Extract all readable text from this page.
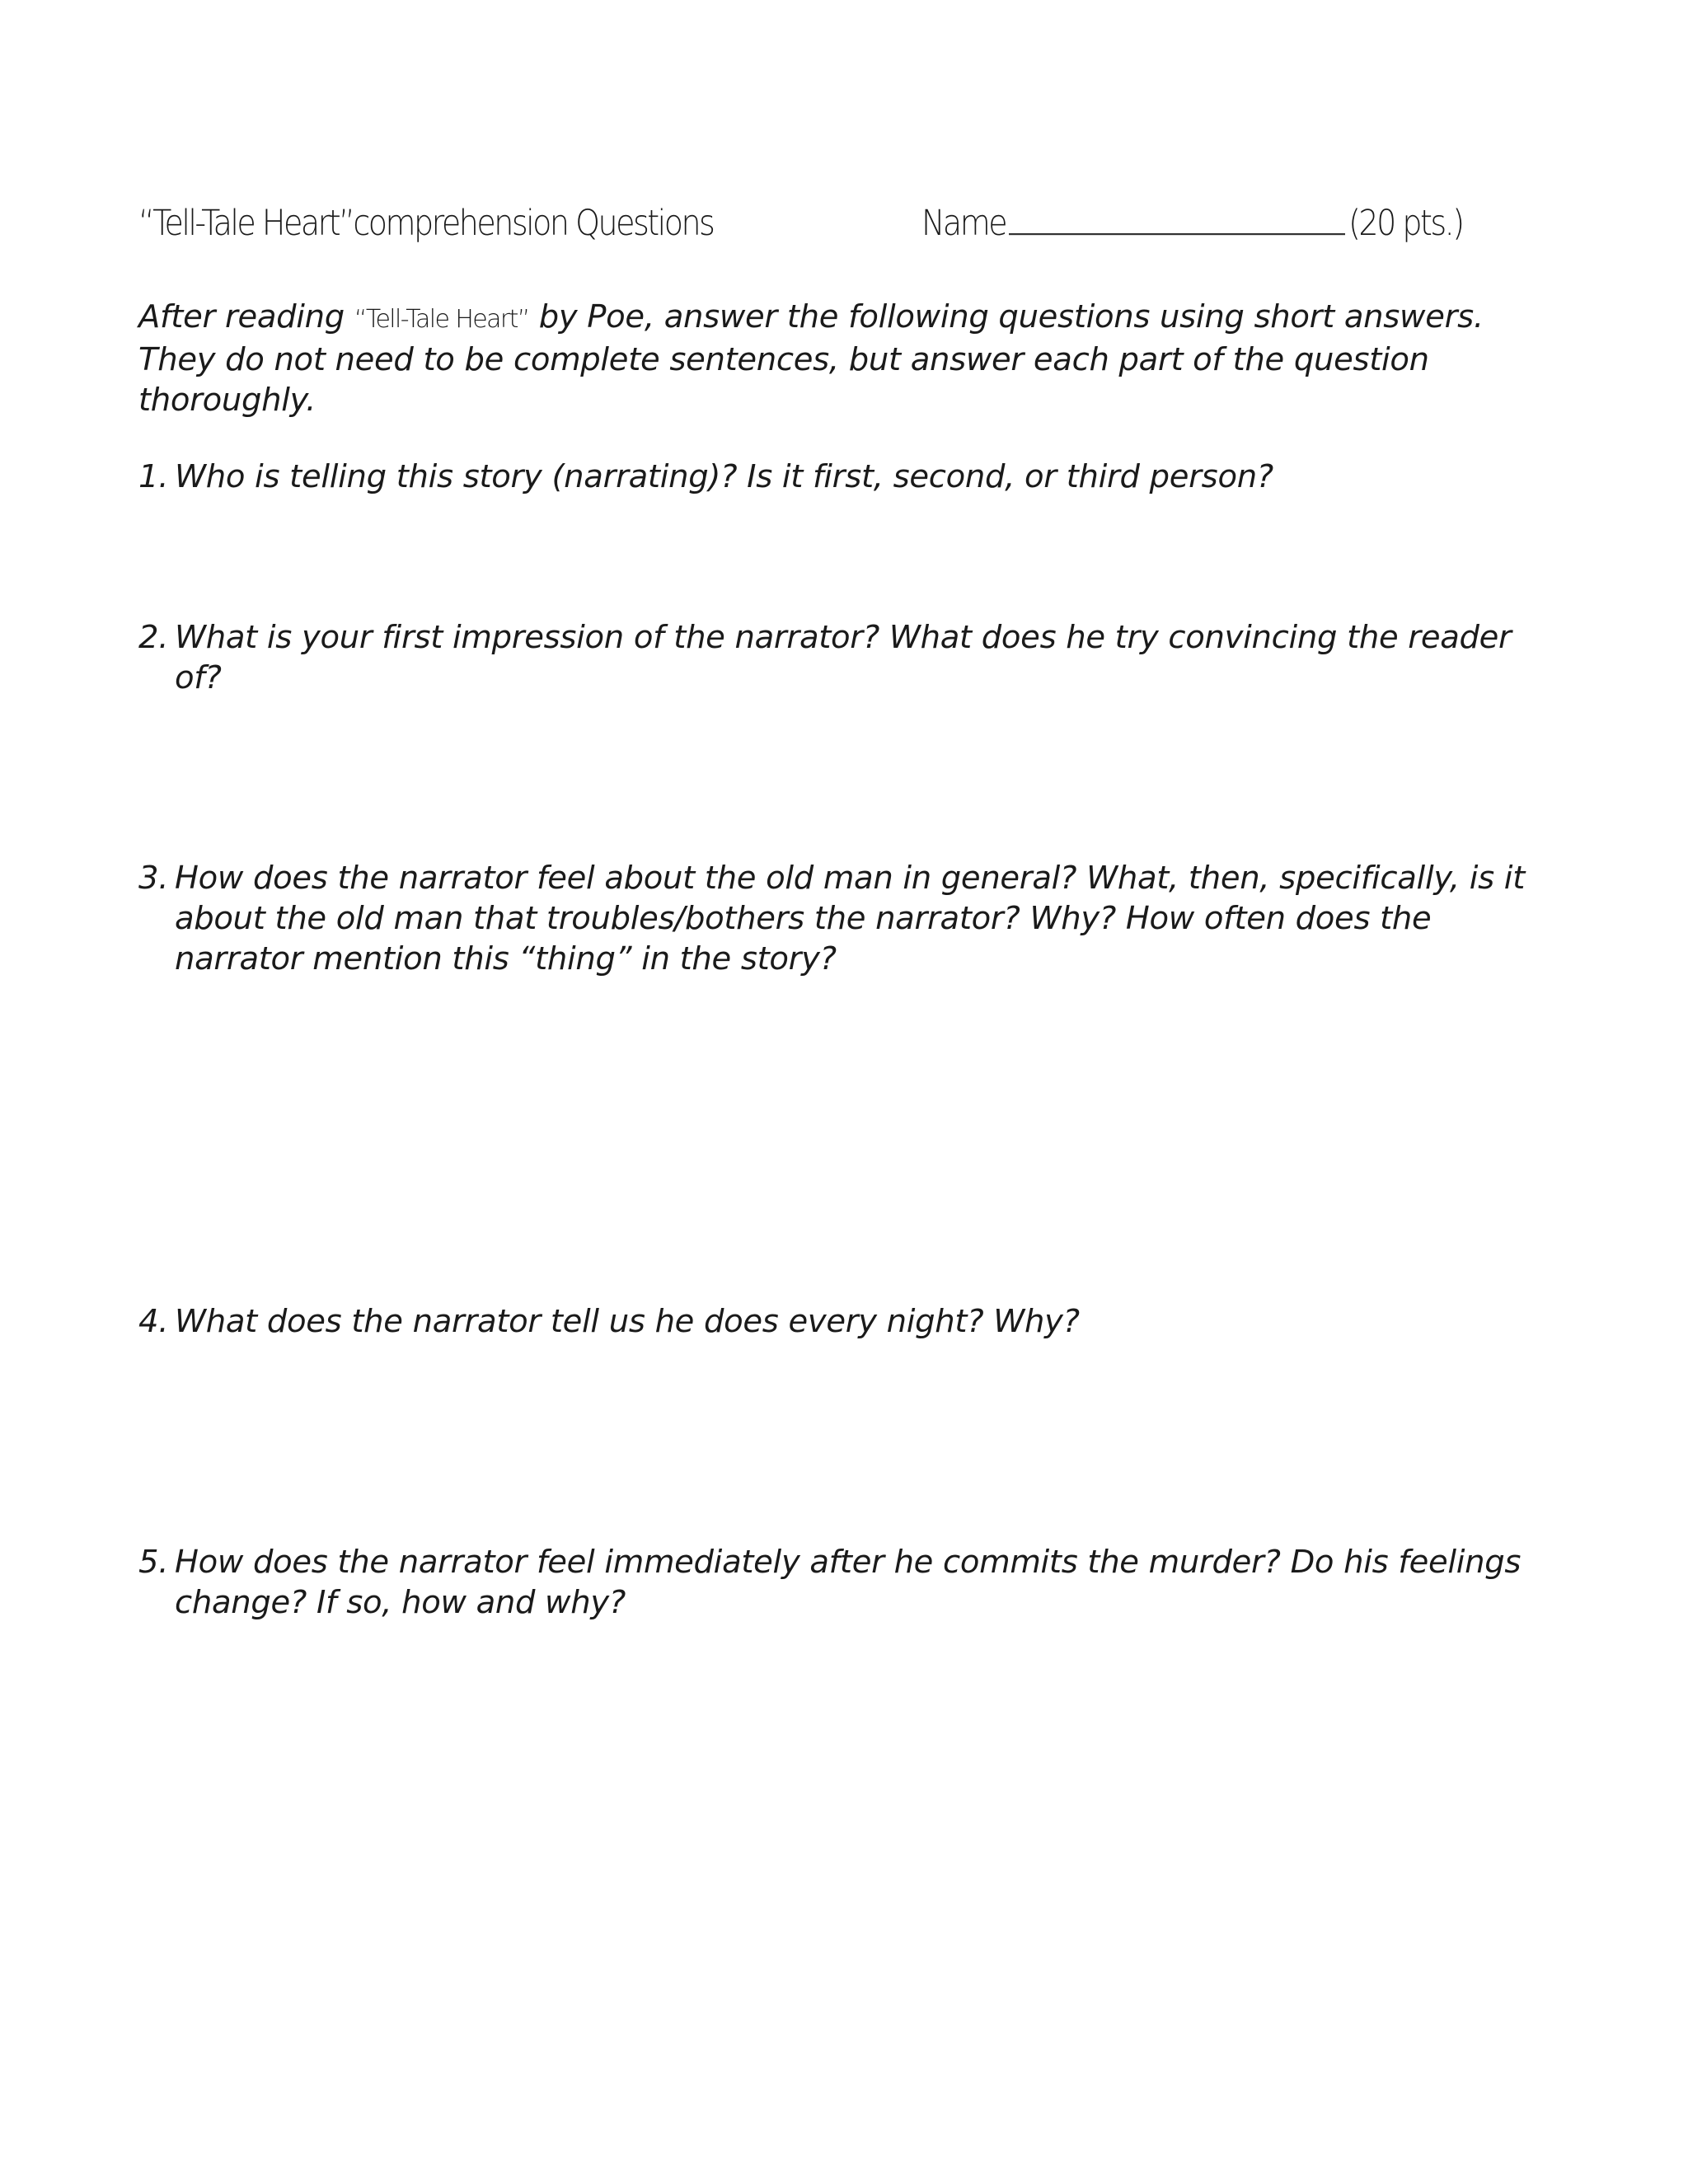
“Tell-Tale Heart”comprehension Questions	Name	(20 pts.)

After reading “Tell-Tale Heart” by Poe, answer the following questions using short answers. They do not need to be complete sentences, but answer each part of the question thoroughly.

1. Who is telling this story (narrating)? Is it first, second, or third person?
2. What is your first impression of the narrator? What does he try convincing the reader of?
3. How does the narrator feel about the old man in general? What, then, specifically, is it about the old man that troubles/bothers the narrator? Why? How often does the narrator mention this “thing” in the story?
4. What does the narrator tell us he does every night? Why?
5. How does the narrator feel immediately after he commits the murder? Do his feelings change? If so, how and why?
